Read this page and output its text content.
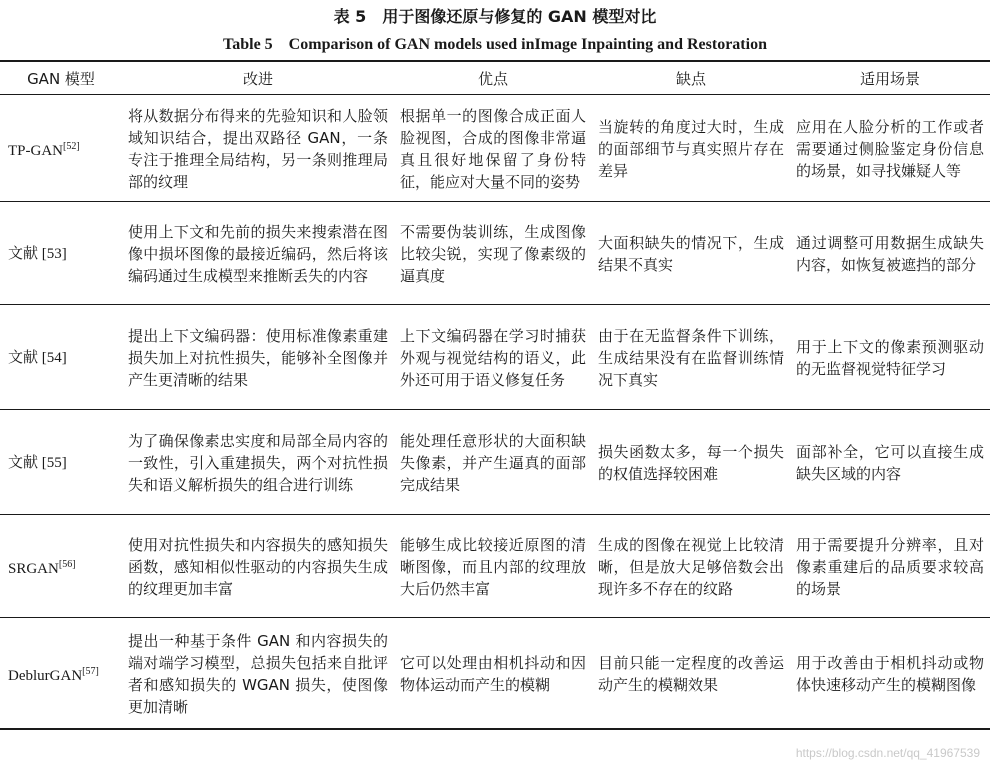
表 5　用于图像还原与修复的 GAN 模型对比
Table 5　Comparison of GAN models used inImage Inpainting and Restoration
GAN 模型	改进	优点	缺点	适用场景
TP-GAN[52]	将从数据分布得来的先验知识和人脸领域知识结合，提出双路径 GAN，一条专注于推理全局结构，另一条则推理局部的纹理	根据单一的图像合成正面人脸视图，合成的图像非常逼真且很好地保留了身份特征，能应对大量不同的姿势	当旋转的角度过大时，生成的面部细节与真实照片存在差异	应用在人脸分析的工作或者需要通过侧脸鉴定身份信息的场景，如寻找嫌疑人等
文献 [53]	使用上下文和先前的损失来搜索潜在图像中损坏图像的最接近编码，然后将该编码通过生成模型来推断丢失的内容	不需要伪装训练，生成图像比较尖锐，实现了像素级的逼真度	大面积缺失的情况下，生成结果不真实	通过调整可用数据生成缺失内容，如恢复被遮挡的部分
文献 [54]	提出上下文编码器：使用标准像素重建损失加上对抗性损失，能够补全图像并产生更清晰的结果	上下文编码器在学习时捕获外观与视觉结构的语义，此外还可用于语义修复任务	由于在无监督条件下训练，生成结果没有在监督训练情况下真实	用于上下文的像素预测驱动的无监督视觉特征学习
文献 [55]	为了确保像素忠实度和局部全局内容的一致性，引入重建损失，两个对抗性损失和语义解析损失的组合进行训练	能处理任意形状的大面积缺失像素，并产生逼真的面部完成结果	损失函数太多，每一个损失的权值选择较困难	面部补全，它可以直接生成缺失区域的内容
SRGAN[56]	使用对抗性损失和内容损失的感知损失函数，感知相似性驱动的内容损失生成的纹理更加丰富	能够生成比较接近原图的清晰图像，而且内部的纹理放大后仍然丰富	生成的图像在视觉上比较清晰，但是放大足够倍数会出现许多不存在的纹路	用于需要提升分辨率，且对像素重建后的品质要求较高的场景
DeblurGAN[57]	提出一种基于条件 GAN 和内容损失的端对端学习模型，总损失包括来自批评者和感知损失的 WGAN 损失，使图像更加清晰	它可以处理由相机抖动和因物体运动而产生的模糊	目前只能一定程度的改善运动产生的模糊效果	用于改善由于相机抖动或物体快速移动产生的模糊图像
https://blog.csdn.net/qq_41967539
